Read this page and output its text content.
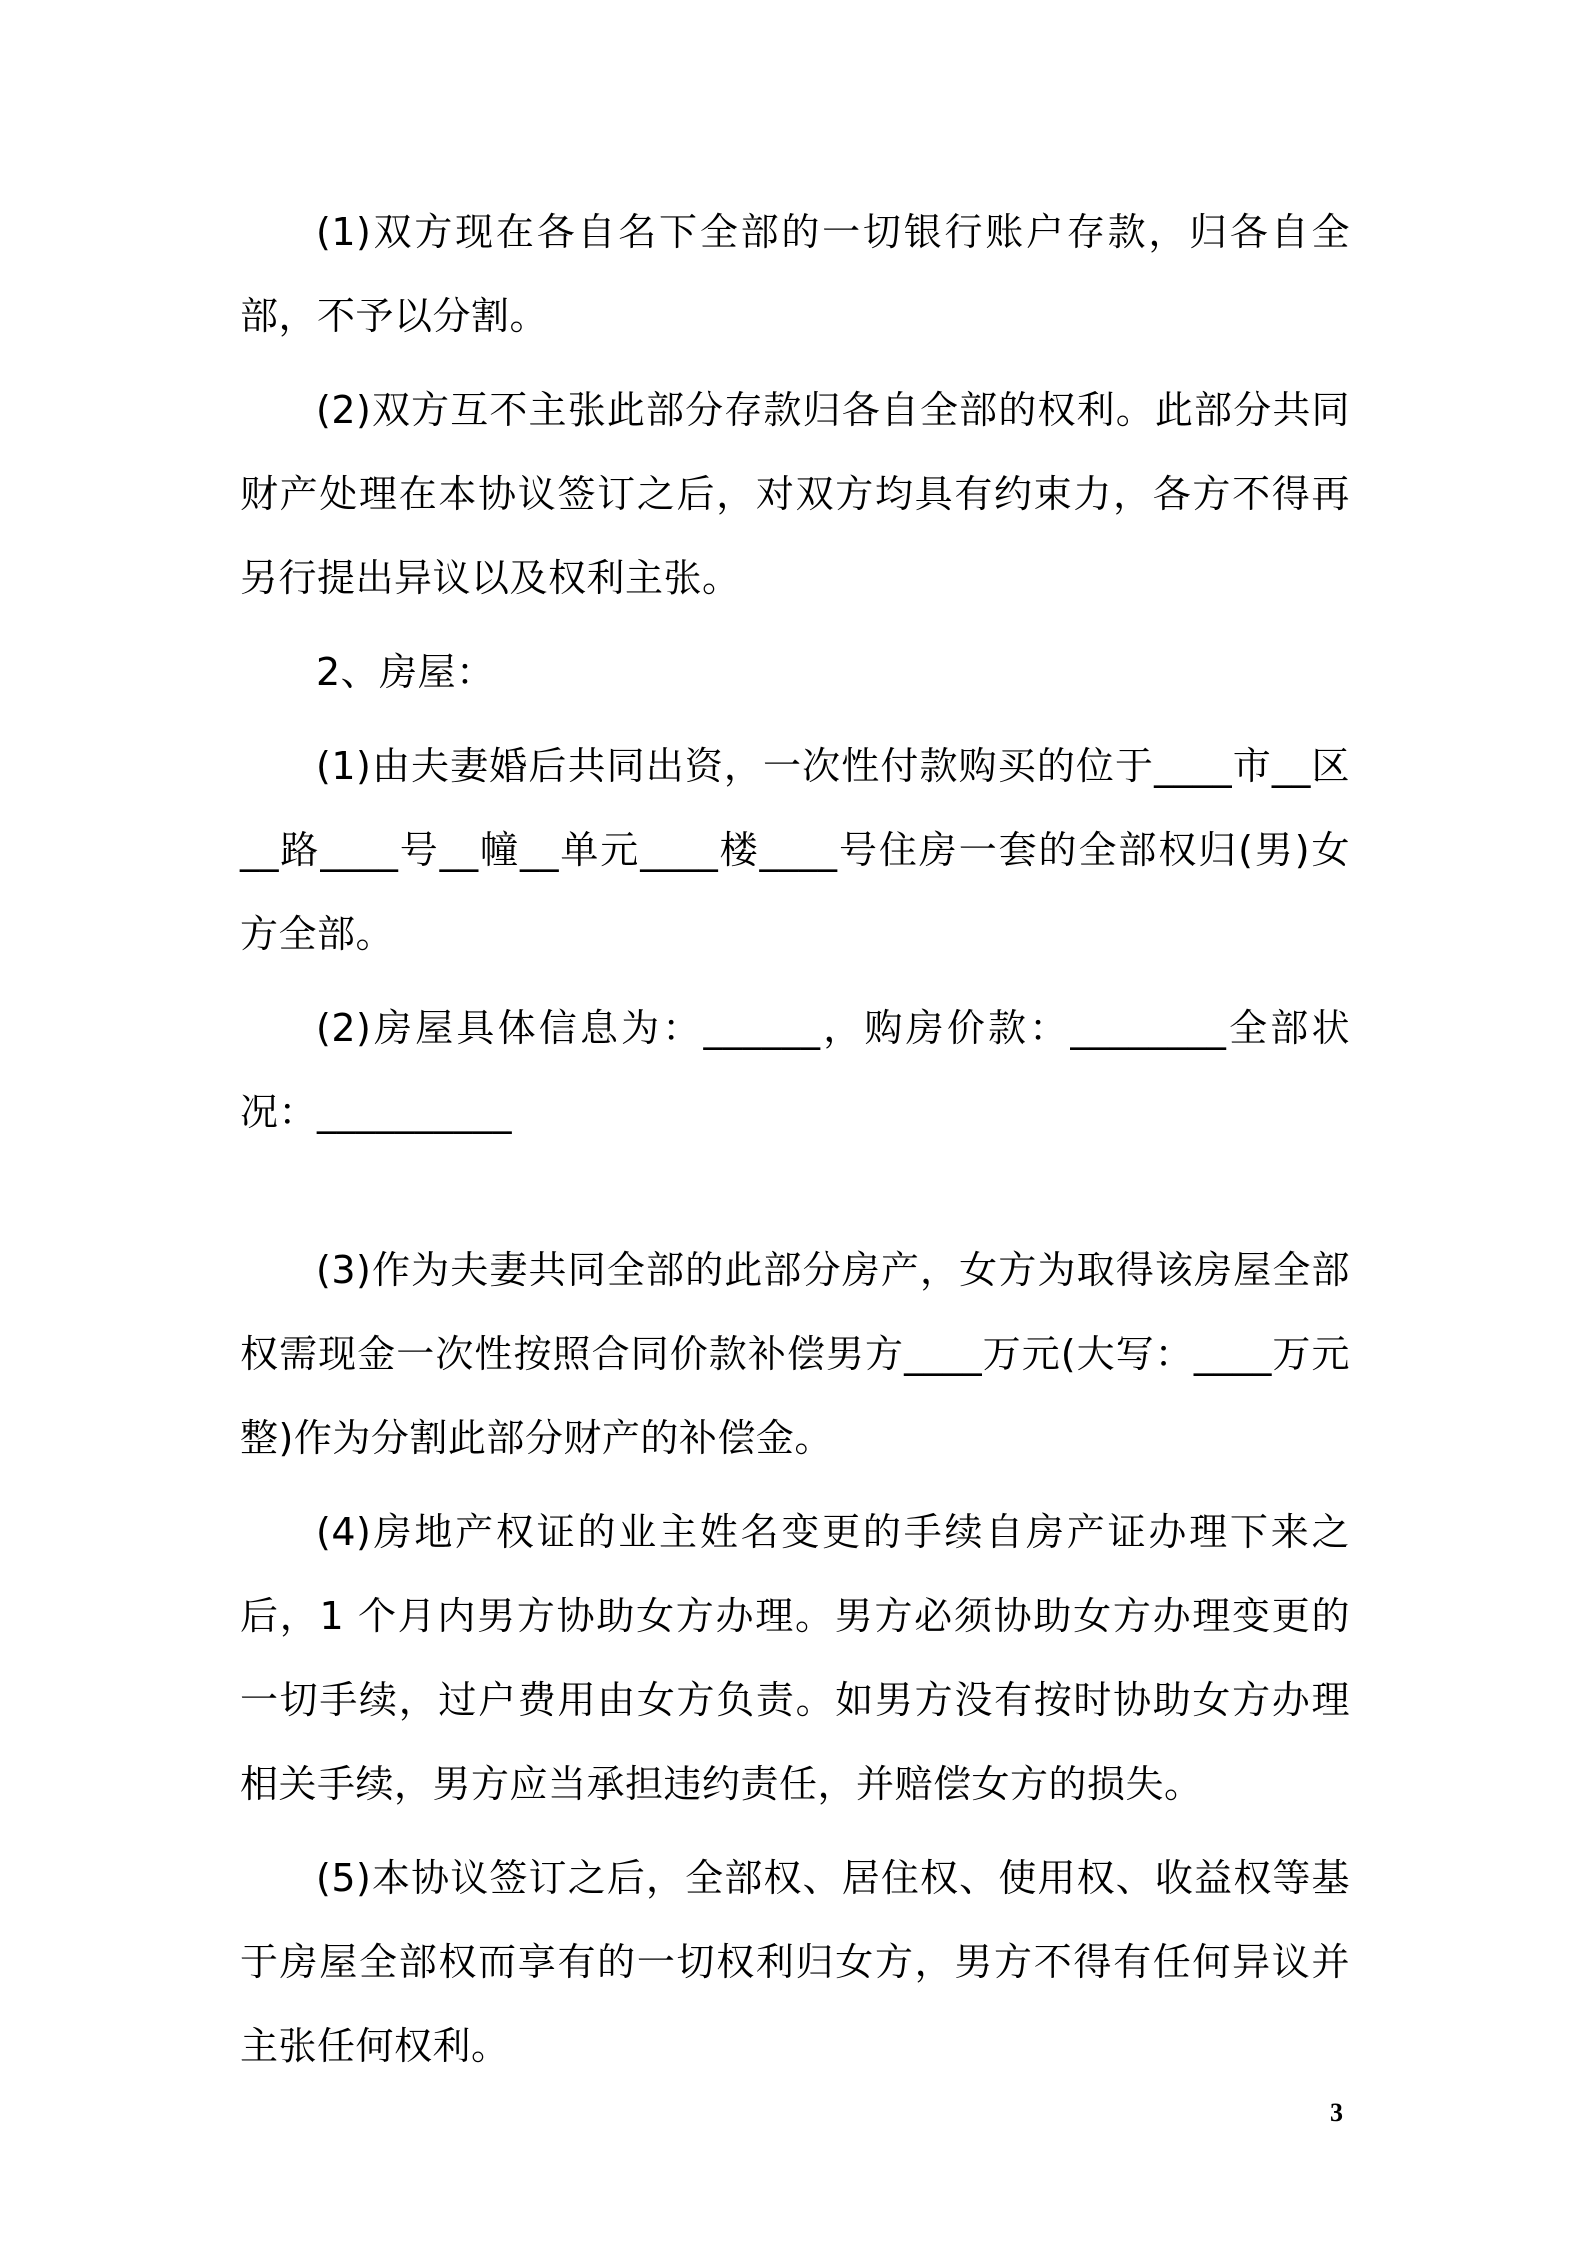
(1)双方现在各自名下全部的一切银行账户存款，归各自全部，不予以分割。

(2)双方互不主张此部分存款归各自全部的权利。此部分共同财产处理在本协议签订之后，对双方均具有约束力，各方不得再另行提出异议以及权利主张。

2、房屋：

(1)由夫妻婚后共同出资，一次性付款购买的位于____市__区__路____号__幢__单元____楼____号住房一套的全部权归(男)女方全部。

(2)房屋具体信息为：______，购房价款：________全部状况：__________

(3)作为夫妻共同全部的此部分房产，女方为取得该房屋全部权需现金一次性按照合同价款补偿男方____万元(大写：____万元整)作为分割此部分财产的补偿金。

(4)房地产权证的业主姓名变更的手续自房产证办理下来之后，1 个月内男方协助女方办理。男方必须协助女方办理变更的一切手续，过户费用由女方负责。如男方没有按时协助女方办理相关手续，男方应当承担违约责任，并赔偿女方的损失。

(5)本协议签订之后，全部权、居住权、使用权、收益权等基于房屋全部权而享有的一切权利归女方，男方不得有任何异议并主张任何权利。

3
